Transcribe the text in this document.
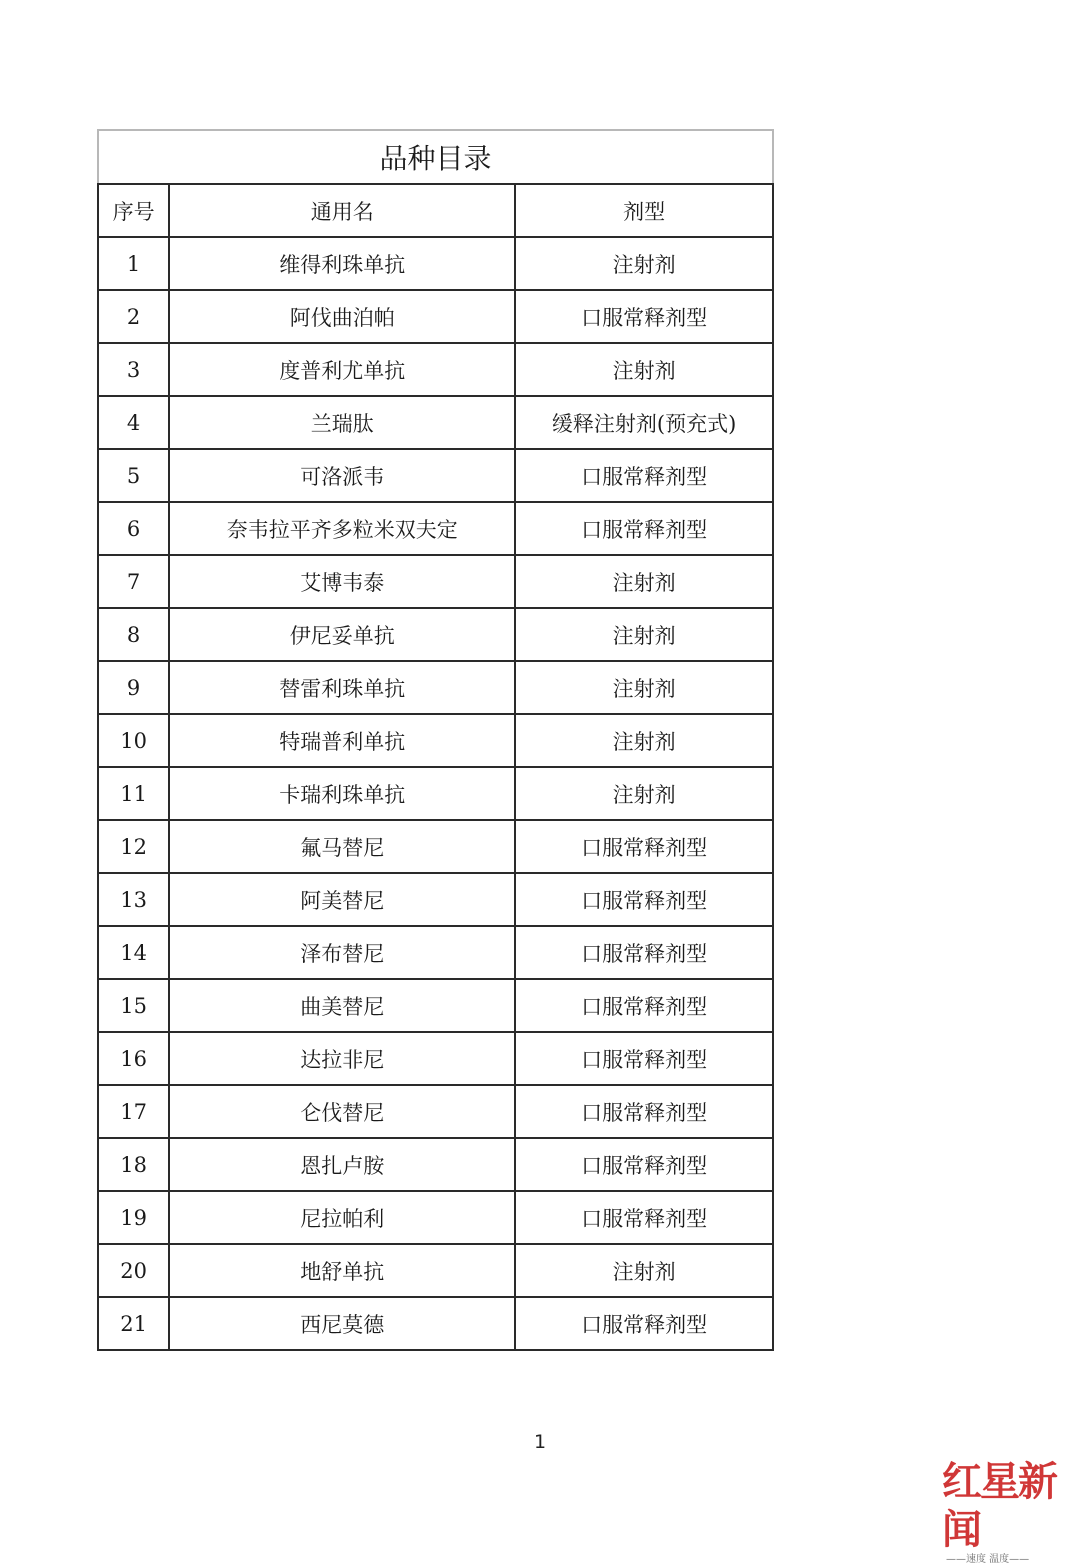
品种目录		
序号	通用名	剂型
1	维得利珠单抗	注射剂
2	阿伐曲泊帕	口服常释剂型
3	度普利尤单抗	注射剂
4	兰瑞肽	缓释注射剂(预充式)
5	可洛派韦	口服常释剂型
6	奈韦拉平齐多粒米双夫定	口服常释剂型
7	艾博韦泰	注射剂
8	伊尼妥单抗	注射剂
9	替雷利珠单抗	注射剂
10	特瑞普利单抗	注射剂
11	卡瑞利珠单抗	注射剂
12	氟马替尼	口服常释剂型
13	阿美替尼	口服常释剂型
14	泽布替尼	口服常释剂型
15	曲美替尼	口服常释剂型
16	达拉非尼	口服常释剂型
17	仑伐替尼	口服常释剂型
18	恩扎卢胺	口服常释剂型
19	尼拉帕利	口服常释剂型
20	地舒单抗	注射剂
21	西尼莫德	口服常释剂型
1
红星新闻
——速度 温度——
